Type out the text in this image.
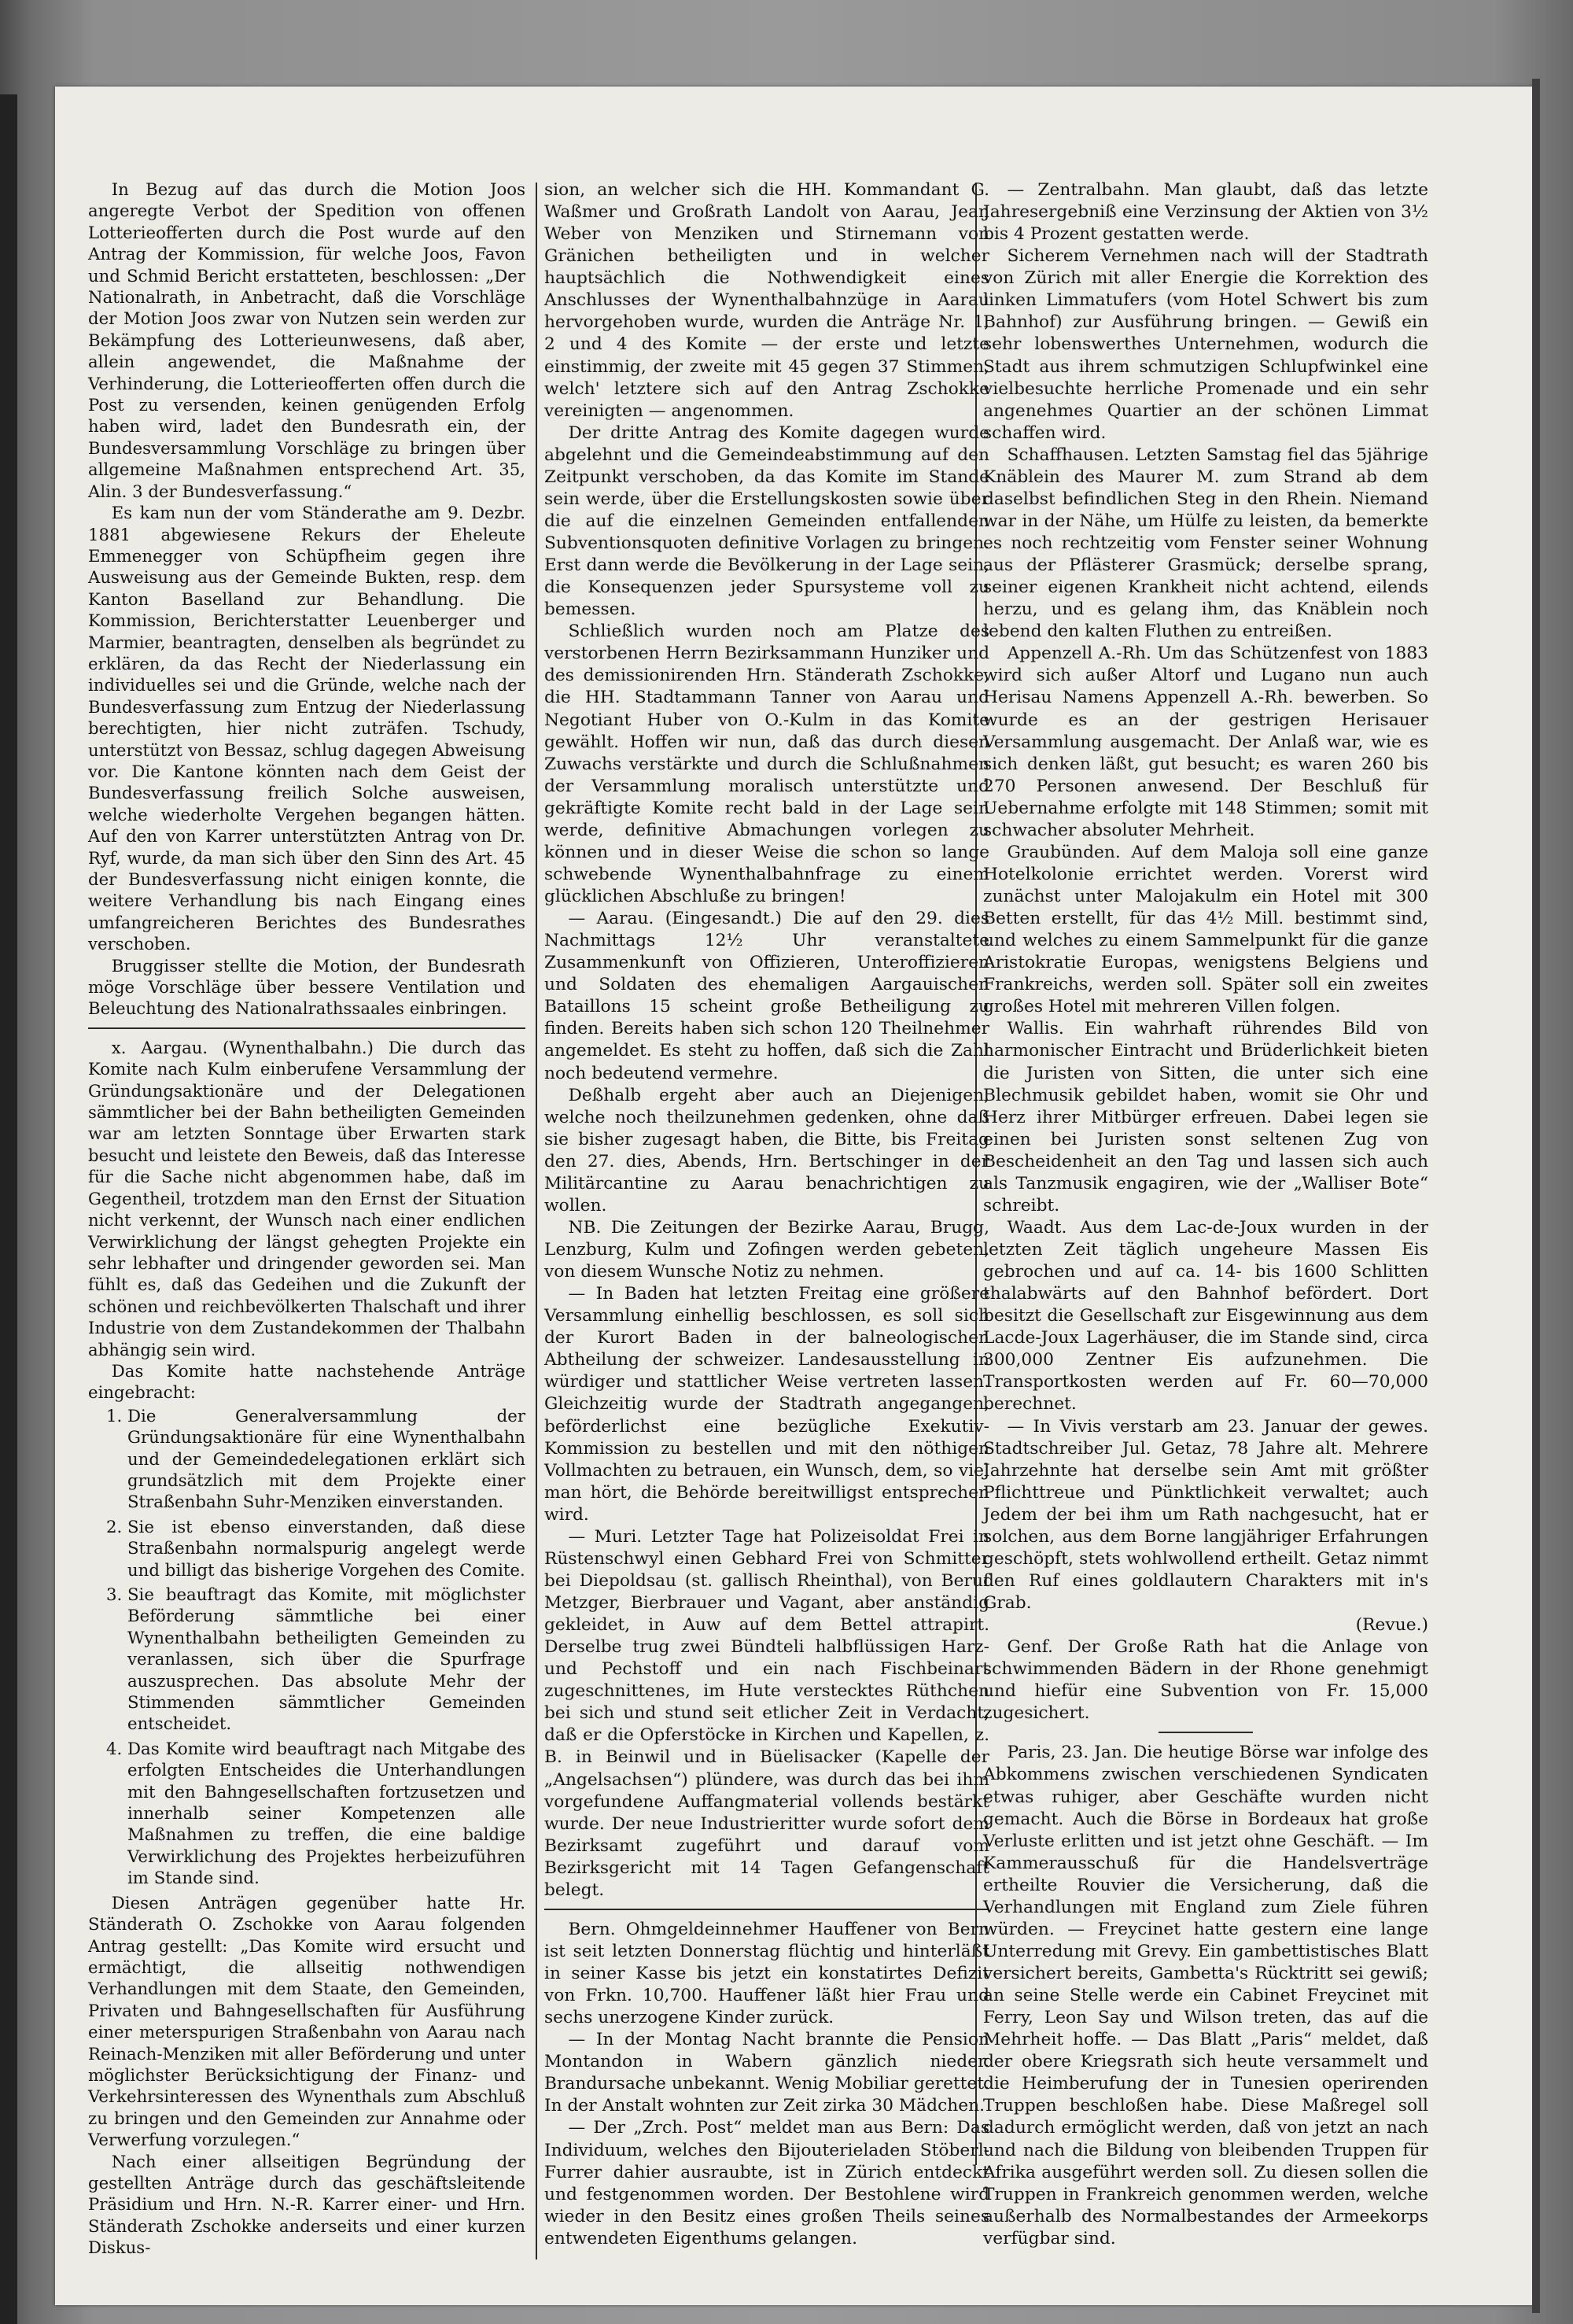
In Bezug auf das durch die Motion Joos angeregte Verbot der Spedition von offenen Lotterieofferten durch die Post wurde auf den Antrag der Kommission, für welche Joos, Favon und Schmid Bericht erstatteten, beschlossen: „Der Nationalrath, in Anbetracht, daß die Vorschläge der Motion Joos zwar von Nutzen sein werden zur Bekämpfung des Lotterieunwesens, daß aber, allein angewendet, die Maßnahme der Verhinderung, die Lotterieofferten offen durch die Post zu versenden, keinen genügenden Erfolg haben wird, ladet den Bundesrath ein, der Bundesversammlung Vorschläge zu bringen über allgemeine Maßnahmen entsprechend Art. 35, Alin. 3 der Bundesverfassung.“

Es kam nun der vom Ständerathe am 9. Dezbr. 1881 abgewiesene Rekurs der Eheleute Emmenegger von Schüpfheim gegen ihre Ausweisung aus der Gemeinde Bukten, resp. dem Kanton Baselland zur Behandlung. Die Kommission, Berichterstatter Leuenberger und Marmier, beantragten, denselben als begründet zu erklären, da das Recht der Niederlassung ein individuelles sei und die Gründe, welche nach der Bundesverfassung zum Entzug der Niederlassung berechtigten, hier nicht zuträfen. Tschudy, unterstützt von Bessaz, schlug dagegen Abweisung vor. Die Kantone könnten nach dem Geist der Bundesverfassung freilich Solche ausweisen, welche wiederholte Vergehen begangen hätten. Auf den von Karrer unterstützten Antrag von Dr. Ryf, wurde, da man sich über den Sinn des Art. 45 der Bundesverfassung nicht einigen konnte, die weitere Verhandlung bis nach Eingang eines umfangreicheren Berichtes des Bundesrathes verschoben.

Bruggisser stellte die Motion, der Bundesrath möge Vorschläge über bessere Ventilation und Beleuchtung des Nationalrathssaales einbringen.

x. Aargau. (Wynenthalbahn.) Die durch das Komite nach Kulm einberufene Versammlung der Gründungsaktionäre und der Delegationen sämmtlicher bei der Bahn betheiligten Gemeinden war am letzten Sonntage über Erwarten stark besucht und leistete den Beweis, daß das Interesse für die Sache nicht abgenommen habe, daß im Gegentheil, trotzdem man den Ernst der Situation nicht verkennt, der Wunsch nach einer endlichen Verwirklichung der längst gehegten Projekte ein sehr lebhafter und dringender geworden sei. Man fühlt es, daß das Gedeihen und die Zukunft der schönen und reichbevölkerten Thalschaft und ihrer Industrie von dem Zustandekommen der Thalbahn abhängig sein wird.

Das Komite hatte nachstehende Anträge eingebracht:

1. Die Generalversammlung der Gründungsaktionäre für eine Wynenthalbahn und der Gemeindedelegationen erklärt sich grundsätzlich mit dem Projekte einer Straßenbahn Suhr-Menziken einverstanden.
2. Sie ist ebenso einverstanden, daß diese Straßenbahn normalspurig angelegt werde und billigt das bisherige Vorgehen des Comite.
3. Sie beauftragt das Komite, mit möglichster Beförderung sämmtliche bei einer Wynenthalbahn betheiligten Gemeinden zu veranlassen, sich über die Spurfrage auszusprechen. Das absolute Mehr der Stimmenden sämmtlicher Gemeinden entscheidet.
4. Das Komite wird beauftragt nach Mitgabe des erfolgten Entscheides die Unterhandlungen mit den Bahngesellschaften fortzusetzen und innerhalb seiner Kompetenzen alle Maßnahmen zu treffen, die eine baldige Verwirklichung des Projektes herbeizuführen im Stande sind.

Diesen Anträgen gegenüber hatte Hr. Ständerath O. Zschokke von Aarau folgenden Antrag gestellt: „Das Komite wird ersucht und ermächtigt, die allseitig nothwendigen Verhandlungen mit dem Staate, den Gemeinden, Privaten und Bahngesellschaften für Ausführung einer meterspurigen Straßenbahn von Aarau nach Reinach-Menziken mit aller Beförderung und unter möglichster Berücksichtigung der Finanz- und Verkehrsinteressen des Wynenthals zum Abschluß zu bringen und den Gemeinden zur Annahme oder Verwerfung vorzulegen.“

Nach einer allseitigen Begründung der gestellten Anträge durch das geschäftsleitende Präsidium und Hrn. N.-R. Karrer einer- und Hrn. Ständerath Zschokke anderseits und einer kurzen Diskus-

sion, an welcher sich die HH. Kommandant G. Waßmer und Großrath Landolt von Aarau, Jean Weber von Menziken und Stirnemann von Gränichen betheiligten und in welcher hauptsächlich die Nothwendigkeit eines Anschlusses der Wynenthalbahnzüge in Aarau hervorgehoben wurde, wurden die Anträge Nr. 1, 2 und 4 des Komite — der erste und letzte einstimmig, der zweite mit 45 gegen 37 Stimmen, welch' letztere sich auf den Antrag Zschokke vereinigten — angenommen.

Der dritte Antrag des Komite dagegen wurde abgelehnt und die Gemeindeabstimmung auf den Zeitpunkt verschoben, da das Komite im Stande sein werde, über die Erstellungskosten sowie über die auf die einzelnen Gemeinden entfallenden Subventionsquoten definitive Vorlagen zu bringen. Erst dann werde die Bevölkerung in der Lage sein, die Konsequenzen jeder Spursysteme voll zu bemessen.

Schließlich wurden noch am Platze des verstorbenen Herrn Bezirksammann Hunziker und des demissionirenden Hrn. Ständerath Zschokke, die HH. Stadtammann Tanner von Aarau und Negotiant Huber von O.-Kulm in das Komite gewählt. Hoffen wir nun, daß das durch diesen Zuwachs verstärkte und durch die Schlußnahmen der Versammlung moralisch unterstützte und gekräftigte Komite recht bald in der Lage sein werde, definitive Abmachungen vorlegen zu können und in dieser Weise die schon so lange schwebende Wynenthalbahnfrage zu einem glücklichen Abschluße zu bringen!

— Aarau. (Eingesandt.) Die auf den 29. dies Nachmittags 12½ Uhr veranstaltete Zusammenkunft von Offizieren, Unteroffizieren und Soldaten des ehemaligen Aargauischen Bataillons 15 scheint große Betheiligung zu finden. Bereits haben sich schon 120 Theilnehmer angemeldet. Es steht zu hoffen, daß sich die Zahl noch bedeutend vermehre.

Deßhalb ergeht aber auch an Diejenigen, welche noch theilzunehmen gedenken, ohne daß sie bisher zugesagt haben, die Bitte, bis Freitag den 27. dies, Abends, Hrn. Bertschinger in der Militärcantine zu Aarau benachrichtigen zu wollen.

NB. Die Zeitungen der Bezirke Aarau, Brugg, Lenzburg, Kulm und Zofingen werden gebeten, von diesem Wunsche Notiz zu nehmen.

— In Baden hat letzten Freitag eine größere Versammlung einhellig beschlossen, es soll sich der Kurort Baden in der balneologischen Abtheilung der schweizer. Landesausstellung in würdiger und stattlicher Weise vertreten lassen. Gleichzeitig wurde der Stadtrath angegangen, beförderlichst eine bezügliche Exekutiv-Kommission zu bestellen und mit den nöthigen Vollmachten zu betrauen, ein Wunsch, dem, so viel man hört, die Behörde bereitwilligst entsprechen wird.

— Muri. Letzter Tage hat Polizeisoldat Frei in Rüstenschwyl einen Gebhard Frei von Schmitter bei Diepoldsau (st. gallisch Rheinthal), von Beruf Metzger, Bierbrauer und Vagant, aber anständig gekleidet, in Auw auf dem Bettel attrapirt. Derselbe trug zwei Bündteli halbflüssigen Harz- und Pechstoff und ein nach Fischbeinart zugeschnittenes, im Hute verstecktes Rüthchen bei sich und stund seit etlicher Zeit in Verdacht, daß er die Opferstöcke in Kirchen und Kapellen, z. B. in Beinwil und in Büelisacker (Kapelle der „Angelsachsen“) plündere, was durch das bei ihm vorgefundene Auffangmaterial vollends bestärkt wurde. Der neue Industrieritter wurde sofort dem Bezirksamt zugeführt und darauf vom Bezirksgericht mit 14 Tagen Gefangenschaft belegt.

Bern. Ohmgeldeinnehmer Hauffener von Bern ist seit letzten Donnerstag flüchtig und hinterläßt in seiner Kasse bis jetzt ein konstatirtes Defizit von Frkn. 10,700. Hauffener läßt hier Frau und sechs unerzogene Kinder zurück.

— In der Montag Nacht brannte die Pension Montandon in Wabern gänzlich nieder. Brandursache unbekannt. Wenig Mobiliar gerettet. In der Anstalt wohnten zur Zeit zirka 30 Mädchen.

— Der „Zrch. Post“ meldet man aus Bern: Das Individuum, welches den Bijouterieladen Stöberl-Furrer dahier ausraubte, ist in Zürich entdeckt und festgenommen worden. Der Bestohlene wird wieder in den Besitz eines großen Theils seines entwendeten Eigenthums gelangen.

— Zentralbahn. Man glaubt, daß das letzte Jahresergebniß eine Verzinsung der Aktien von 3½ bis 4 Prozent gestatten werde.

Sicherem Vernehmen nach will der Stadtrath von Zürich mit aller Energie die Korrektion des linken Limmatufers (vom Hotel Schwert bis zum Bahnhof) zur Ausführung bringen. — Gewiß ein sehr lobenswerthes Unternehmen, wodurch die Stadt aus ihrem schmutzigen Schlupfwinkel eine vielbesuchte herrliche Promenade und ein sehr angenehmes Quartier an der schönen Limmat schaffen wird.

Schaffhausen. Letzten Samstag fiel das 5jährige Knäblein des Maurer M. zum Strand ab dem daselbst befindlichen Steg in den Rhein. Niemand war in der Nähe, um Hülfe zu leisten, da bemerkte es noch rechtzeitig vom Fenster seiner Wohnung aus der Pflästerer Grasmück; derselbe sprang, seiner eigenen Krankheit nicht achtend, eilends herzu, und es gelang ihm, das Knäblein noch lebend den kalten Fluthen zu entreißen.

Appenzell A.-Rh. Um das Schützenfest von 1883 wird sich außer Altorf und Lugano nun auch Herisau Namens Appenzell A.-Rh. bewerben. So wurde es an der gestrigen Herisauer Versammlung ausgemacht. Der Anlaß war, wie es sich denken läßt, gut besucht; es waren 260 bis 270 Personen anwesend. Der Beschluß für Uebernahme erfolgte mit 148 Stimmen; somit mit schwacher absoluter Mehrheit.

Graubünden. Auf dem Maloja soll eine ganze Hotelkolonie errichtet werden. Vorerst wird zunächst unter Malojakulm ein Hotel mit 300 Betten erstellt, für das 4½ Mill. bestimmt sind, und welches zu einem Sammelpunkt für die ganze Aristokratie Europas, wenigstens Belgiens und Frankreichs, werden soll. Später soll ein zweites großes Hotel mit mehreren Villen folgen.

Wallis. Ein wahrhaft rührendes Bild von harmonischer Eintracht und Brüderlichkeit bieten die Juristen von Sitten, die unter sich eine Blechmusik gebildet haben, womit sie Ohr und Herz ihrer Mitbürger erfreuen. Dabei legen sie einen bei Juristen sonst seltenen Zug von Bescheidenheit an den Tag und lassen sich auch als Tanzmusik engagiren, wie der „Walliser Bote“ schreibt.

Waadt. Aus dem Lac-de-Joux wurden in der letzten Zeit täglich ungeheure Massen Eis gebrochen und auf ca. 14- bis 1600 Schlitten thalabwärts auf den Bahnhof befördert. Dort besitzt die Gesellschaft zur Eisgewinnung aus dem Lacde-Joux Lagerhäuser, die im Stande sind, circa 300,000 Zentner Eis aufzunehmen. Die Transportkosten werden auf Fr. 60—70,000 berechnet.

— In Vivis verstarb am 23. Januar der gewes. Stadtschreiber Jul. Getaz, 78 Jahre alt. Mehrere Jahrzehnte hat derselbe sein Amt mit größter Pflichttreue und Pünktlichkeit verwaltet; auch Jedem der bei ihm um Rath nachgesucht, hat er solchen, aus dem Borne langjähriger Erfahrungen geschöpft, stets wohlwollend ertheilt. Getaz nimmt den Ruf eines goldlautern Charakters mit in's Grab.

(Revue.)

Genf. Der Große Rath hat die Anlage von schwimmenden Bädern in der Rhone genehmigt und hiefür eine Subvention von Fr. 15,000 zugesichert.

Paris, 23. Jan. Die heutige Börse war infolge des Abkommens zwischen verschiedenen Syndicaten etwas ruhiger, aber Geschäfte wurden nicht gemacht. Auch die Börse in Bordeaux hat große Verluste erlitten und ist jetzt ohne Geschäft. — Im Kammerausschuß für die Handelsverträge ertheilte Rouvier die Versicherung, daß die Verhandlungen mit England zum Ziele führen würden. — Freycinet hatte gestern eine lange Unterredung mit Grevy. Ein gambettistisches Blatt versichert bereits, Gambetta's Rücktritt sei gewiß; an seine Stelle werde ein Cabinet Freycinet mit Ferry, Leon Say und Wilson treten, das auf die Mehrheit hoffe. — Das Blatt „Paris“ meldet, daß der obere Kriegsrath sich heute versammelt und die Heimberufung der in Tunesien operirenden Truppen beschloßen habe. Diese Maßregel soll dadurch ermöglicht werden, daß von jetzt an nach und nach die Bildung von bleibenden Truppen für Afrika ausgeführt werden soll. Zu diesen sollen die Truppen in Frankreich genommen werden, welche außerhalb des Normalbestandes der Armeekorps verfügbar sind.
